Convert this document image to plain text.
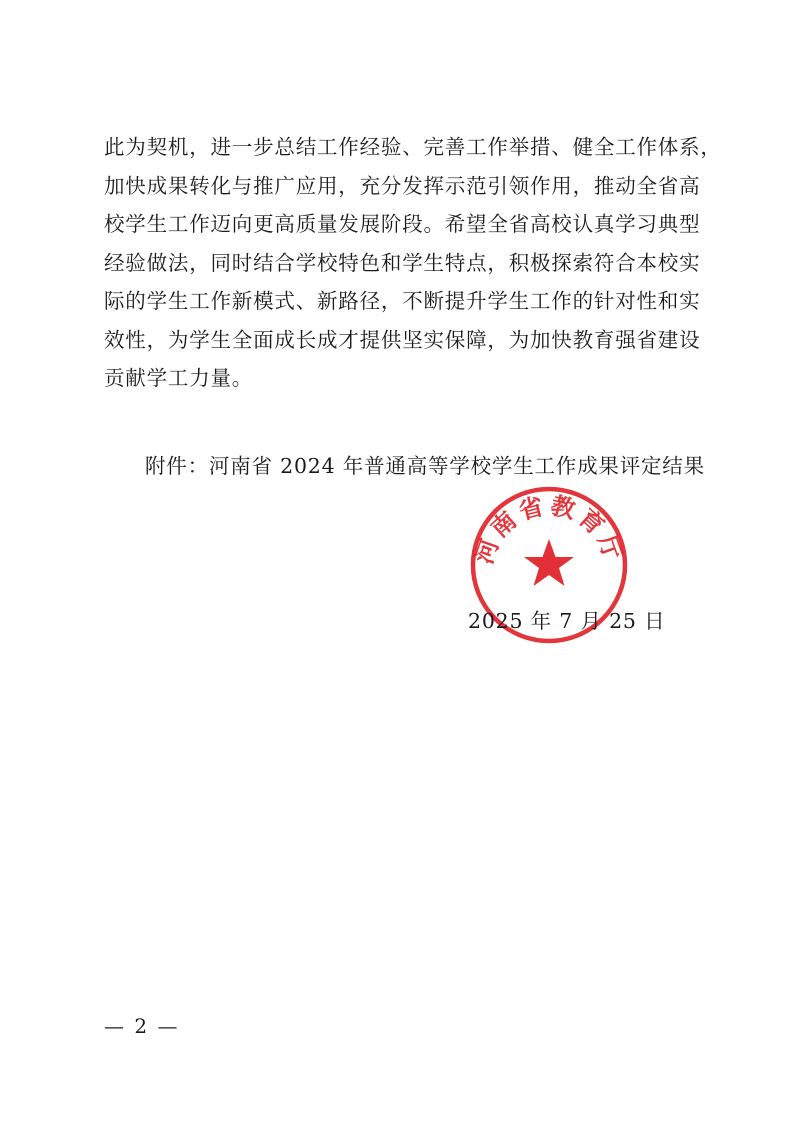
此为契机，进一步总结工作经验、完善工作举措、健全工作体系，
加快成果转化与推广应用，充分发挥示范引领作用，推动全省高
校学生工作迈向更高质量发展阶段。希望全省高校认真学习典型
经验做法，同时结合学校特色和学生特点，积极探索符合本校实
际的学生工作新模式、新路径，不断提升学生工作的针对性和实
效性，为学生全面成长成才提供坚实保障，为加快教育强省建设
贡献学工力量。
附件：河南省 2024 年普通高等学校学生工作成果评定结果
河南省教育厅
2025 年 7 月 25 日
— 2 —
